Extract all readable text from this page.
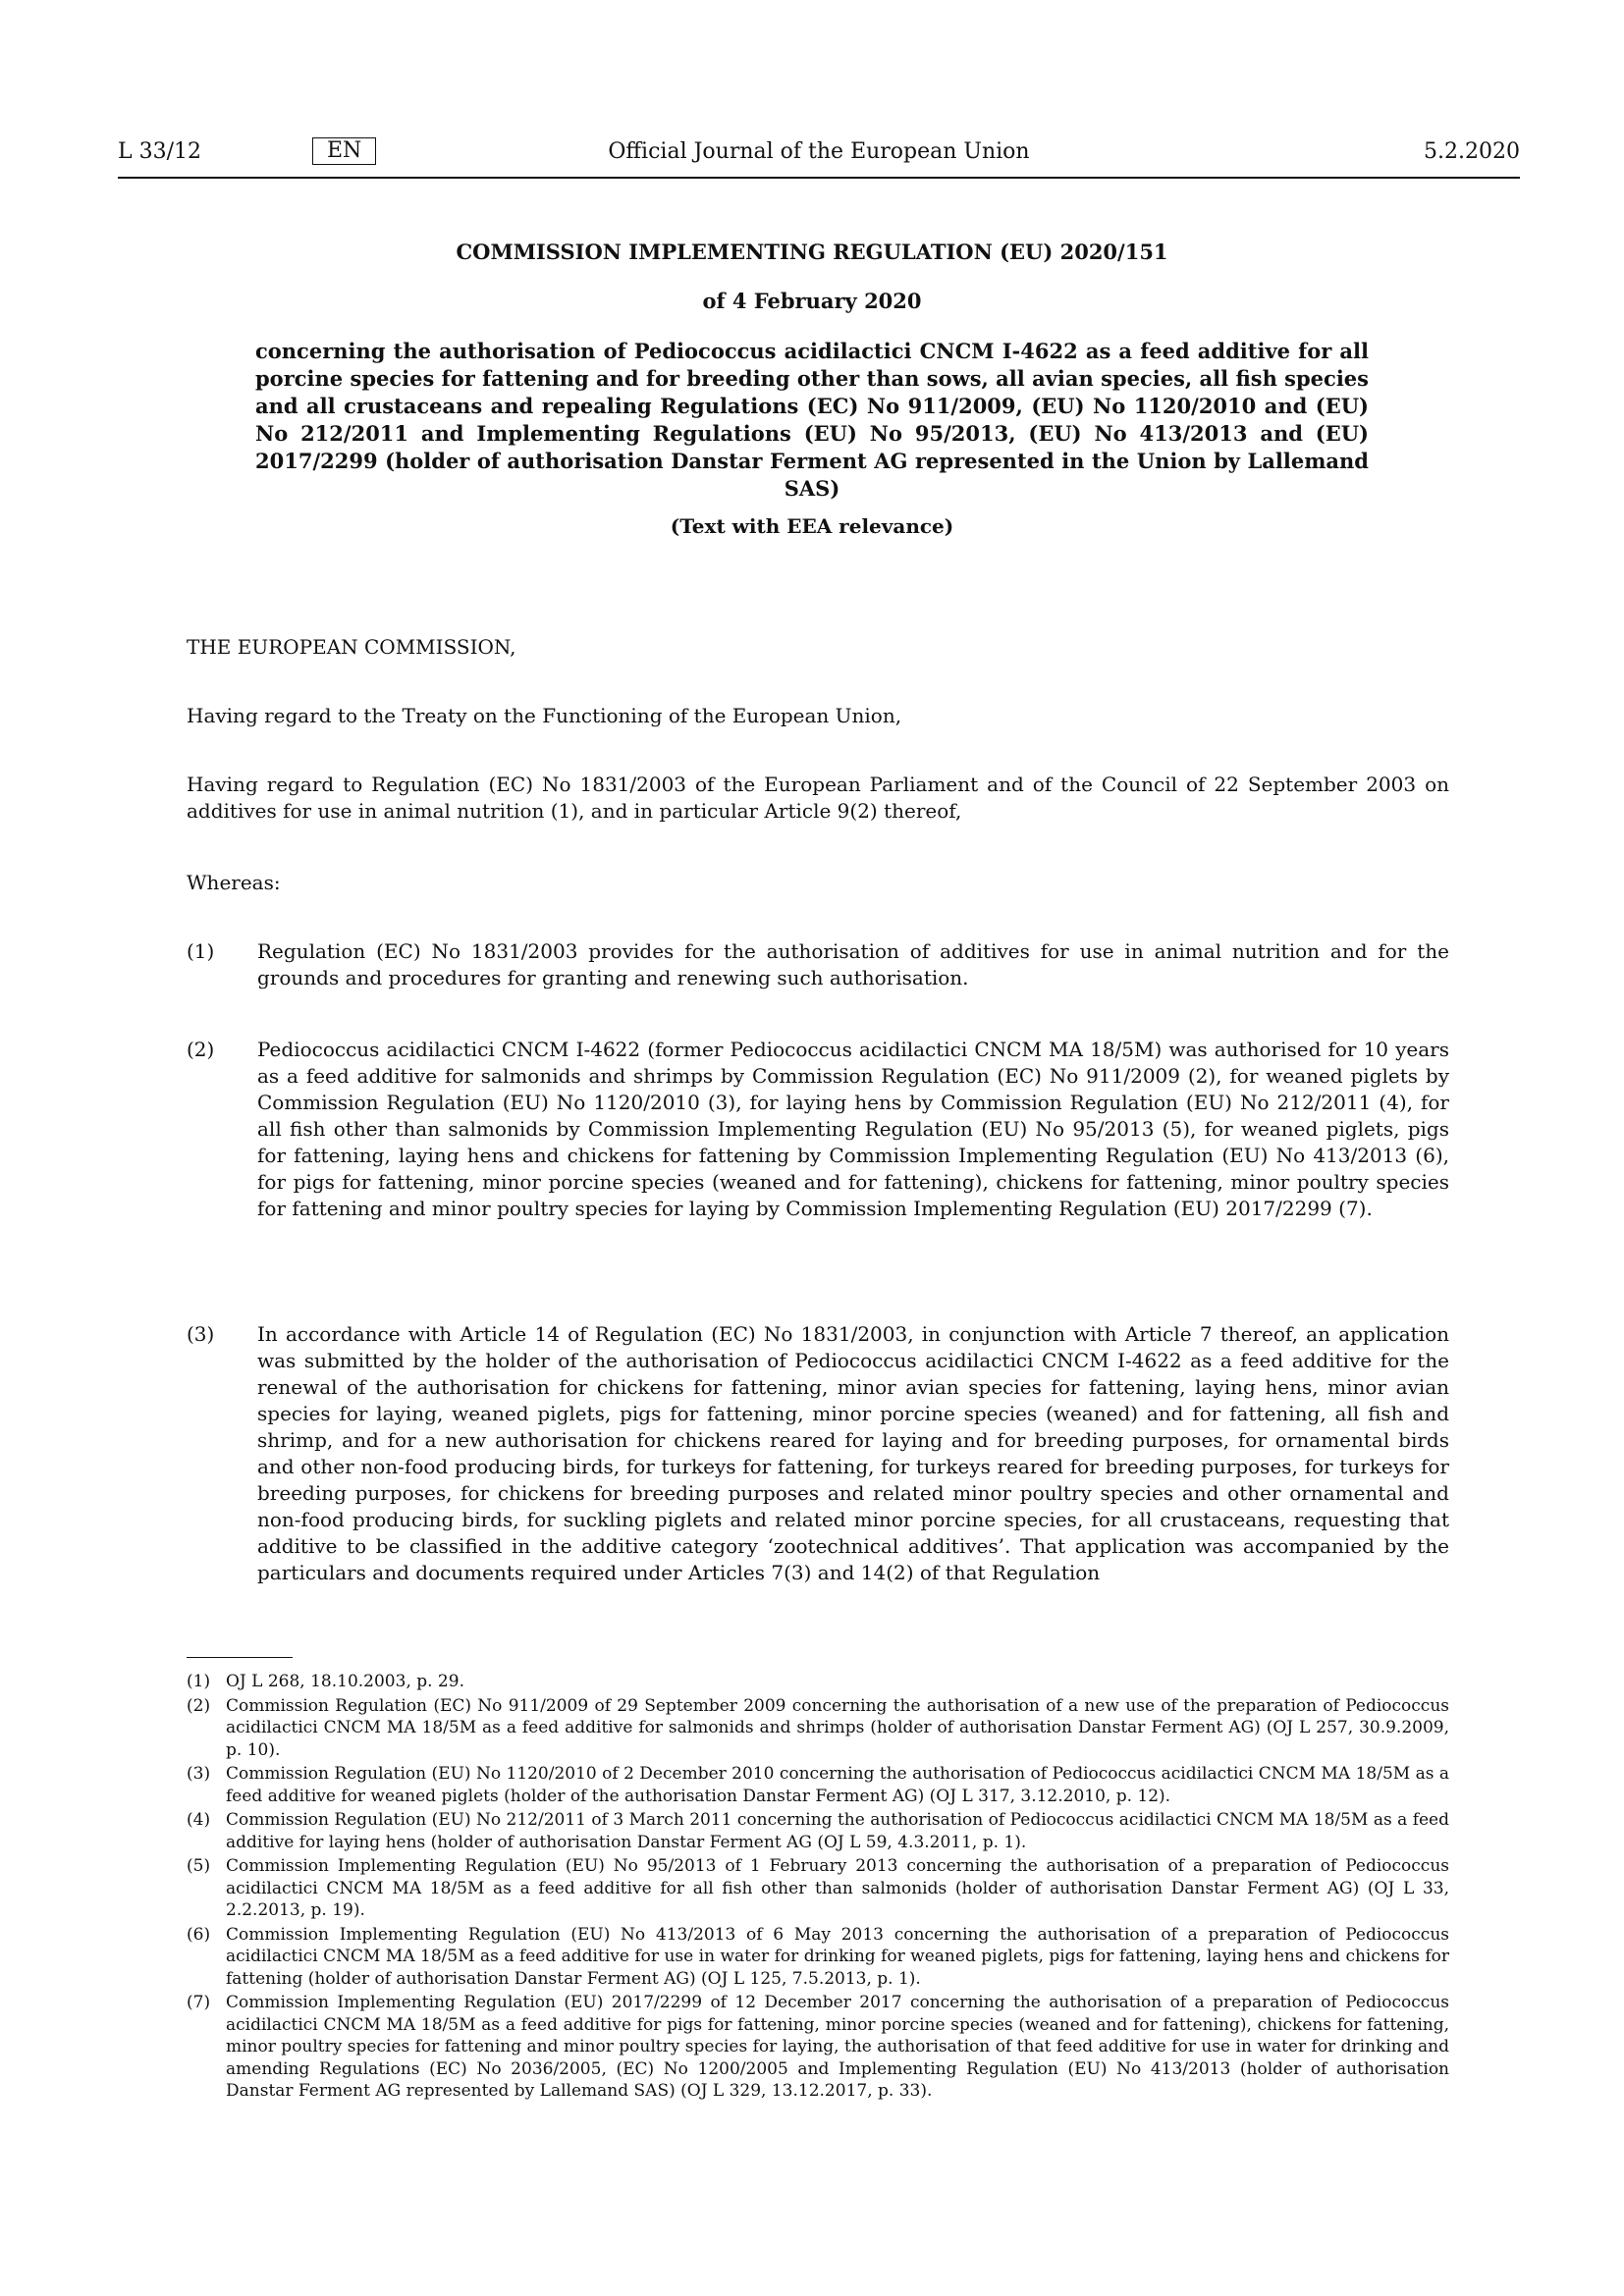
L 33/12	EN	Official Journal of the European Union	5.2.2020
COMMISSION IMPLEMENTING REGULATION (EU) 2020/151
of 4 February 2020
concerning the authorisation of Pediococcus acidilactici CNCM I-4622 as a feed additive for all porcine species for fattening and for breeding other than sows, all avian species, all fish species and all crustaceans and repealing Regulations (EC) No 911/2009, (EU) No 1120/2010 and (EU) No 212/2011 and Implementing Regulations (EU) No 95/2013, (EU) No 413/2013 and (EU) 2017/2299 (holder of authorisation Danstar Ferment AG represented in the Union by Lallemand SAS)
(Text with EEA relevance)
THE EUROPEAN COMMISSION,
Having regard to the Treaty on the Functioning of the European Union,
Having regard to Regulation (EC) No 1831/2003 of the European Parliament and of the Council of 22 September 2003 on additives for use in animal nutrition (1), and in particular Article 9(2) thereof,
Whereas:
(1) Regulation (EC) No 1831/2003 provides for the authorisation of additives for use in animal nutrition and for the grounds and procedures for granting and renewing such authorisation.
(2) Pediococcus acidilactici CNCM I-4622 (former Pediococcus acidilactici CNCM MA 18/5M) was authorised for 10 years as a feed additive for salmonids and shrimps by Commission Regulation (EC) No 911/2009 (2), for weaned piglets by Commission Regulation (EU) No 1120/2010 (3), for laying hens by Commission Regulation (EU) No 212/2011 (4), for all fish other than salmonids by Commission Implementing Regulation (EU) No 95/2013 (5), for weaned piglets, pigs for fattening, laying hens and chickens for fattening by Commission Implementing Regulation (EU) No 413/2013 (6), for pigs for fattening, minor porcine species (weaned and for fattening), chickens for fattening, minor poultry species for fattening and minor poultry species for laying by Commission Implementing Regulation (EU) 2017/2299 (7).
(3) In accordance with Article 14 of Regulation (EC) No 1831/2003, in conjunction with Article 7 thereof, an application was submitted by the holder of the authorisation of Pediococcus acidilactici CNCM I-4622 as a feed additive for the renewal of the authorisation for chickens for fattening, minor avian species for fattening, laying hens, minor avian species for laying, weaned piglets, pigs for fattening, minor porcine species (weaned) and for fattening, all fish and shrimp, and for a new authorisation for chickens reared for laying and for breeding purposes, for ornamental birds and other non-food producing birds, for turkeys for fattening, for turkeys reared for breeding purposes, for turkeys for breeding purposes, for chickens for breeding purposes and related minor poultry species and other ornamental and non-food producing birds, for suckling piglets and related minor porcine species, for all crustaceans, requesting that additive to be classified in the additive category ‘zootechnical additives’. That application was accompanied by the particulars and documents required under Articles 7(3) and 14(2) of that Regulation
(1) OJ L 268, 18.10.2003, p. 29.
(2) Commission Regulation (EC) No 911/2009 of 29 September 2009 concerning the authorisation of a new use of the preparation of Pediococcus acidilactici CNCM MA 18/5M as a feed additive for salmonids and shrimps (holder of authorisation Danstar Ferment AG) (OJ L 257, 30.9.2009, p. 10).
(3) Commission Regulation (EU) No 1120/2010 of 2 December 2010 concerning the authorisation of Pediococcus acidilactici CNCM MA 18/5M as a feed additive for weaned piglets (holder of the authorisation Danstar Ferment AG) (OJ L 317, 3.12.2010, p. 12).
(4) Commission Regulation (EU) No 212/2011 of 3 March 2011 concerning the authorisation of Pediococcus acidilactici CNCM MA 18/5M as a feed additive for laying hens (holder of authorisation Danstar Ferment AG (OJ L 59, 4.3.2011, p. 1).
(5) Commission Implementing Regulation (EU) No 95/2013 of 1 February 2013 concerning the authorisation of a preparation of Pediococcus acidilactici CNCM MA 18/5M as a feed additive for all fish other than salmonids (holder of authorisation Danstar Ferment AG) (OJ L 33, 2.2.2013, p. 19).
(6) Commission Implementing Regulation (EU) No 413/2013 of 6 May 2013 concerning the authorisation of a preparation of Pediococcus acidilactici CNCM MA 18/5M as a feed additive for use in water for drinking for weaned piglets, pigs for fattening, laying hens and chickens for fattening (holder of authorisation Danstar Ferment AG) (OJ L 125, 7.5.2013, p. 1).
(7) Commission Implementing Regulation (EU) 2017/2299 of 12 December 2017 concerning the authorisation of a preparation of Pediococcus acidilactici CNCM MA 18/5M as a feed additive for pigs for fattening, minor porcine species (weaned and for fattening), chickens for fattening, minor poultry species for fattening and minor poultry species for laying, the authorisation of that feed additive for use in water for drinking and amending Regulations (EC) No 2036/2005, (EC) No 1200/2005 and Implementing Regulation (EU) No 413/2013 (holder of authorisation Danstar Ferment AG represented by Lallemand SAS) (OJ L 329, 13.12.2017, p. 33).
